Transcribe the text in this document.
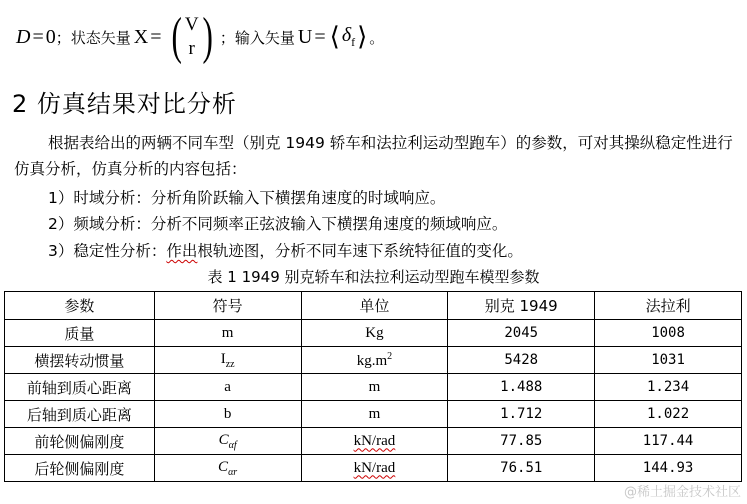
D = 0 ； 状态矢量 X = ( V
r ) ； 输入矢量 U = ⟨ $\delta_f$ ⟩ 。
2 仿真结果对比分析
根据表给出的两辆不同车型（别克 1949 轿车和法拉利运动型跑车）的参数，可对其操纵稳定性进行仿真分析，仿真分析的内容包括：
1）时域分析：分析角阶跃输入下横摆角速度的时域响应。
2）频域分析：分析不同频率正弦波输入下横摆角速度的频域响应。
3）稳定性分析：作出根轨迹图，分析不同车速下系统特征值的变化。
表 1 1949 别克轿车和法拉利运动型跑车模型参数
参数	符号	单位	别克 1949	法拉利
质量	m	Kg	2045	1008
横摆转动惯量	$I_{zz}$	$kg.m^2$	5428	1031
前轴到质心距离	a	m	1.488	1.234
后轴到质心距离	b	m	1.712	1.022
前轮侧偏刚度	$C_{\alpha f}$	kN/rad	77.85	117.44
后轮侧偏刚度	$C_{\alpha r}$	kN/rad	76.51	144.93
@稀土掘金技术社区
